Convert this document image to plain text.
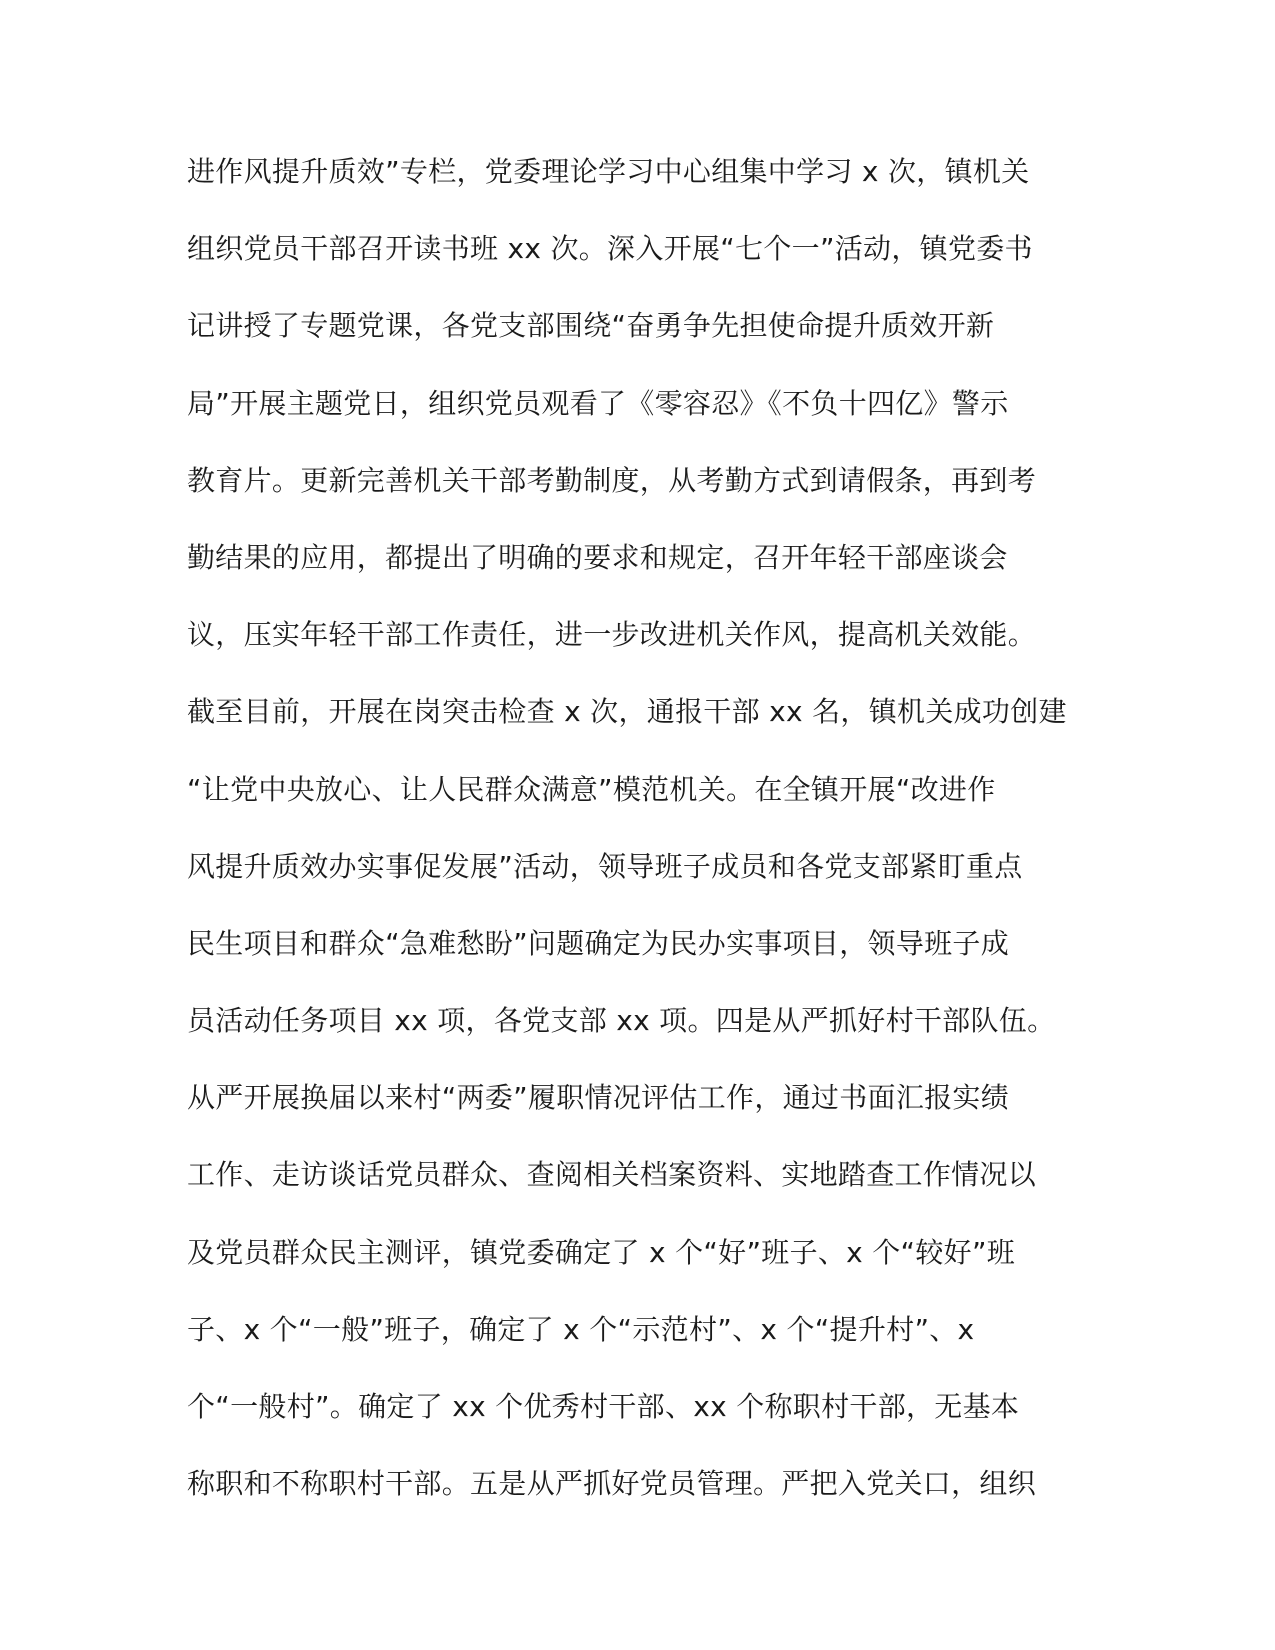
进作风提升质效”专栏，党委理论学习中心组集中学习 x 次，镇机关
组织党员干部召开读书班 xx 次。深入开展“七个一”活动，镇党委书
记讲授了专题党课，各党支部围绕“奋勇争先担使命提升质效开新
局”开展主题党日，组织党员观看了《零容忍》《不负十四亿》警示
教育片。更新完善机关干部考勤制度，从考勤方式到请假条，再到考
勤结果的应用，都提出了明确的要求和规定，召开年轻干部座谈会
议，压实年轻干部工作责任，进一步改进机关作风，提高机关效能。
截至目前，开展在岗突击检查 x 次，通报干部 xx 名，镇机关成功创建
“让党中央放心、让人民群众满意”模范机关。在全镇开展“改进作
风提升质效办实事促发展”活动，领导班子成员和各党支部紧盯重点
民生项目和群众“急难愁盼”问题确定为民办实事项目，领导班子成
员活动任务项目 xx 项，各党支部 xx 项。四是从严抓好村干部队伍。
从严开展换届以来村“两委”履职情况评估工作，通过书面汇报实绩
工作、走访谈话党员群众、查阅相关档案资料、实地踏查工作情况以
及党员群众民主测评，镇党委确定了 x 个“好”班子、x 个“较好”班
子、x 个“一般”班子，确定了 x 个“示范村”、x 个“提升村”、x
个“一般村”。确定了 xx 个优秀村干部、xx 个称职村干部，无基本
称职和不称职村干部。五是从严抓好党员管理。严把入党关口，组织
